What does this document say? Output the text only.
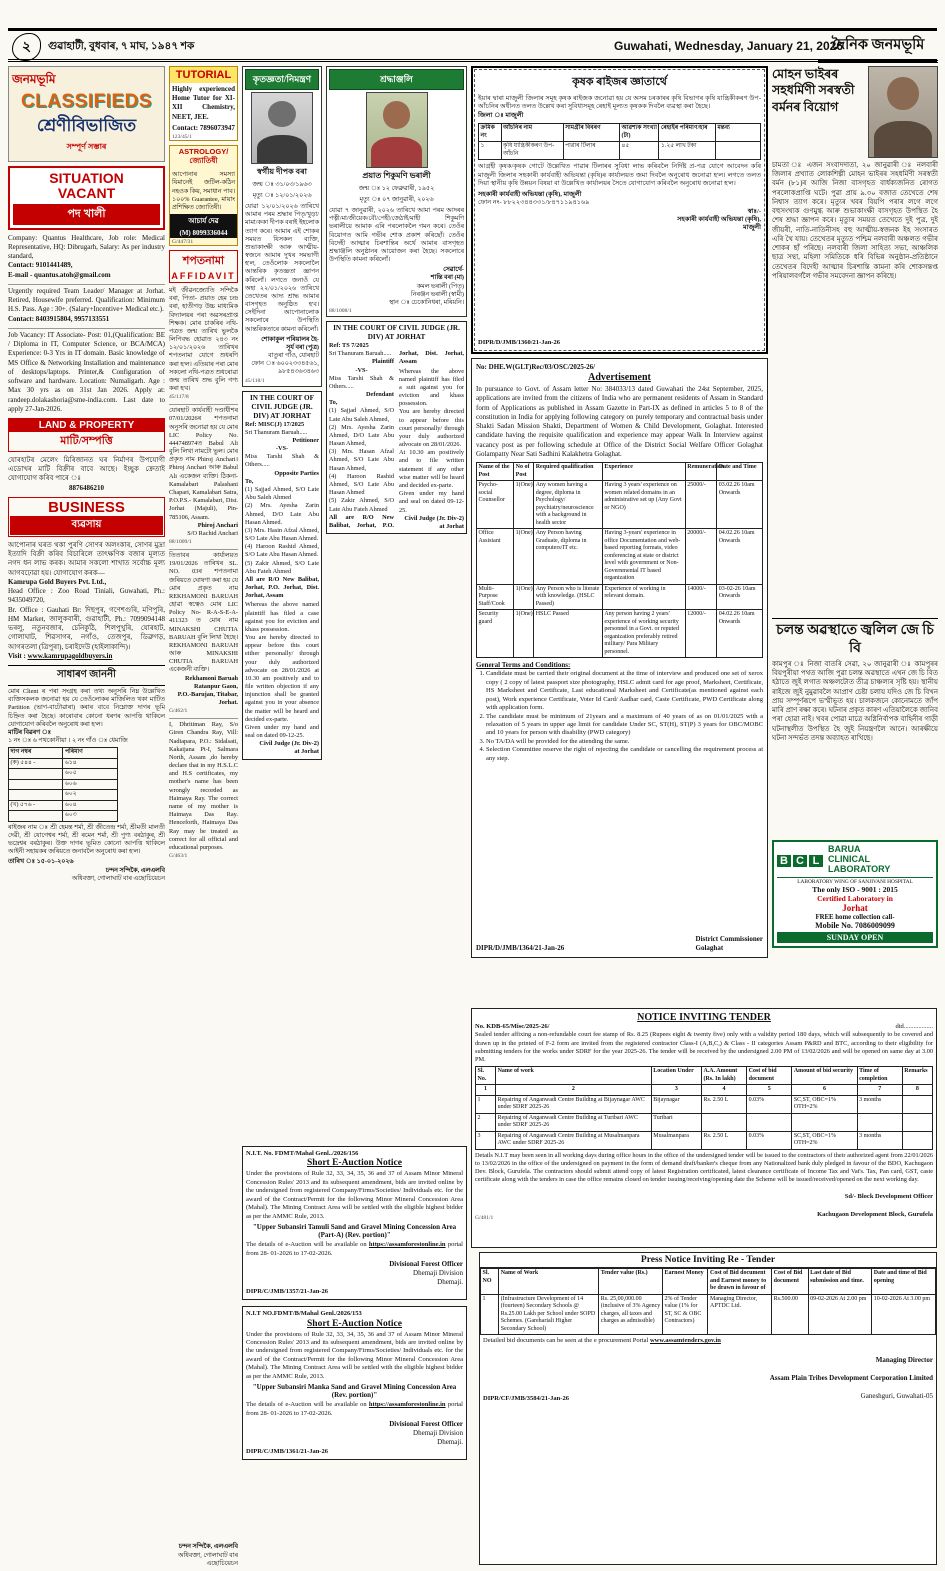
২	গুৱাহাটী, বুধবাৰ, ৭ মাঘ, ১৯৪৭ শক	Guwahati, Wednesday, January 21, 2026
দৈনিক জনমভূমি
জনমভূমি
CLASSIFIEDS
শ্ৰেণীবিভাজিত
সম্পূৰ্ণ সম্ভাৰ
SITUATION
VACANT
পদ খালী
Company: Quantus Healthcare, Job role: Medical Representative, HQ: Dibrugarh, Salary: As per industry standard,
Contact: 9101441489,
E-mail - quantus.atoh@gmail.com
Urgently required Team Leader/ Manager at Jorhat. Retired, Housewife preferred. Qualification: Minimum H.S. Pass. Age : 30+. (Salary+Incentive+ Medical etc.).
Contact: 8403915804, 9957133551
Job Vacancy: IT Associate- Post: 01,(Qualification: BE / Diploma in IT, Computer Science, or BCA/MCA) Experience: 0-3 Yrs in IT domain. Basic knowledge of MS Office & Networking Installation and maintenance of desktops/laptops. Printer,& Configuration of software and hardware. Location: Numaligarh. Age : Max 30 yrs as on 31st Jan 2026. Apply at: randeep.dolakashoria@sme-india.com. Last date to apply 27-Jan-2026.
LAND & PROPERTY
মাটি/সম্পত্তি
যোৰহাটৰ মেলেং মিৰিজানত ঘৰ নিৰ্মাণৰ উপযোগী এডোখৰ মাটি বিক্ৰীৰ বাবে আছে। ইচ্ছুক ক্ৰেতাই যোগাযোগ কৰিব পাৰে ঃ
8876486210
BUSINESS
ব্যৱসায়
আপোনাৰ ঘৰত থকা পুৰণি সোণৰ অলংকাৰ, সোণৰ মুদ্ৰা ইত্যাদি বিক্ৰী কৰিব বিচাৰিলে তাৎক্ষণিক বজাৰ মূল্যত নগদ ধন লাভ কৰক। আমাৰ সকলো শাখাত সৰ্বোচ্চ মূল্য আগবঢ়োৱা হয়। যোগাযোগ কৰক—
Kamrupa Gold Buyers Pvt. Ltd.,
Head Office : Zoo Road Tiniali, Guwahati, Ph.: 9435049720,
Br. Office : Gauhati Br: দিছপুৰ, গণেশগুৰি, মণিপুৰি, HM Market, জালুকবাৰী, গুৱাহাটী, Ph.: 7099094148 ভৰলু, নতুনবজাৰ, চেনিকুঠি, শিলপুখুৰি, যোৰহাট, গোলাঘাট, শিৱসাগৰ, নগাঁও, তেজপুৰ, ডিব্ৰুগড়, আগৰতলা (ত্ৰিপুৰা), চৰাইদেউ (হাইলাকান্দি)।
Visit : www.kamrupagoldbuyers.in
সাধাৰণ জাননী
মোৰ Client ৰ পৰা সংগ্ৰহ কৰা তথ্য অনুসৰি নিম্ন উল্লেখিত ব্যক্তিসকলক জনোৱা হয় যে তেওঁলোকৰ মাজিলিত থকা মাটিত Partition (ভাগ-বাটোৱাৰা) কৰাৰ বাবে নিম্নোক্ত দাগৰ ভূমি চিহ্নিত কৰা হৈছে। কাৰোবাৰ কোনো ধৰণৰ আপত্তি থাকিলে যোগাযোগ কৰিবলৈ অনুৰোধ কৰা হ'ল।
মাটিৰ বিৱৰণ ঃ
১ নং ঃ ৬ পথকোনীয়া । ২ নং গাঁও ঃ ধেমাজি
দাগ নম্বৰ	পৰিমাণ
(ক) ৫৪৪ -	৬১৪
	৬০৫
	৬০৬
	৬০২
(খ) ৫৭৬ -	৬০৪
	৬০৩
ৰাইজৰ নাম ঃ শ্ৰী হেমন্ত শৰ্মা, শ্ৰী জীতেন্দ্ৰ শৰ্মা, শ্ৰীমতী মালতী দেৱী, শ্ৰী যোগেশ্বৰ শৰ্মা, শ্ৰী ৰমেন শৰ্মা, শ্ৰী পুণ্য বৰঠাকুৰ, শ্ৰী ভদ্ৰেশ্বৰ বৰঠাকুৰ। উক্ত দাগৰ ভূমিত কোনো আপত্তি থাকিলে আইনী সহায়কৰ জৰিয়তে জনাবলৈ অনুৰোধ কৰা হ'ল।
তাৰিখ ঃ ১৫-০১-২০২৬
চন্দন সন্দিকৈ, এলএলবি
অধিবক্তা, গোলাঘাট বাৰ এছোচিয়েচন
TUTORIAL
Highly experienced Home Tutor for XI-XII Chemistry, NEET, JEE.
Contact: 7896073947
123/45/1
ASTROLOGY/জ্যোতিষী
আপোনাৰ সমস্যা যিমানেই জটিল-কঠিন নহওক কিয়, সমাধান পাব। ১০০% Guarantee, মায়াং প্ৰশিক্ষিত জ্যোতিষী।
আচাৰ্য দেৱ
(M) 8099336044
G/447/31
শপতনামা
AFFIDAVIT
মই জীৱনজ্যোতি সন্দিকৈ বৰা, পিতা- প্ৰয়াত হেম চন্দ্ৰ বৰা, হাতীগড় উচ্চ মাধ্যমিক বিদ্যালয়ৰ পৰা অৱসৰপ্ৰাপ্ত শিক্ষক। মোৰ চাকৰিৰ নথি-পত্ৰত জন্ম তাৰিখ ভুলকৈ লিপিবদ্ধ হোৱাত ২৪৩ নং ১২/০১/২০২৬ তাৰিখৰ শপতনামা যোগে শুধৰণি কৰা হ'ল। এতিয়াৰ পৰা মোৰ সকলো নথি-পত্ৰত শুধৰোৱা জন্ম তাৰিখ শুদ্ধ বুলি গণ্য কৰা হ'ব।
45/117/8
যোৰহাট কাৰ্যবাহী দণ্ডাধীশৰ 07/01/2026ৰ শপতনামা অনুসৰি জনোৱা হয় যে মোৰ LIC Policy No. 444748974ত Babul Ali বুলি লিখা নামটো ভুল। মোৰ প্ৰকৃত নাম Phiroj Anchari। Phiroj Anchari আৰু Babul Ali একেজন ব্যক্তি। ঠিকনা- Kamalabari Palashani Chapari, Kamalabari Satra, P.O.P.S.- Kamalabari, Dist. Jorhat (Majuli), Pin-785106, Assam.
Phiroj Anchari
S/O Rachid Anchari
88/1009/1
তিতাবৰ কাৰ্যালয়ত 19/01/2026 তাৰিখৰ SL. NO. 03ৰ শপতনামা জৰিয়তে ঘোষণা কৰা হয় যে মোৰ প্ৰকৃত নাম REKHAMONI BARUAH হোৱা স্বত্বেও মোৰ LIC Policy No- R-A-S-E-A-411323 ত মোৰ নাম MINAKSHI CHUTIA BARUAH বুলি লিখা হৈছে। REKHAMONI BARUAH আৰু MINAKSHI CHUTIA BARUAH একেজনী ব্যক্তি।
Rekhamoni Baruah
Ratanpur Gaon,
P.O.-Barujan, Titabar,
Jorhat.
G/462/1
I, Dhritiman Ray, S/o Giren Chandra Ray, Vill: Nadiapara, P.O.: Sidalsati, Kakaijana Pt-I, Salmara North, Assam ,do hereby declare that in my H.S.L.C and H.S certificates, my mother's name has been wrongly recorded as Haimaya Ray. The correct name of my mother is Haimaya Das Ray. Henceforth, Haimaya Das Ray may be treated as correct for all official and educational purposes.
G/463/1
চন্দন সন্দিকৈ, এলএলবি
অধিবক্তা, গোলাঘাট বাৰ এছোচিয়েচন
কৃতজ্ঞতা/নিমন্ত্ৰণ
স্বৰ্গীয় দীপক বৰা
জন্ম ঃ ৩১/০৩/১৯৬৩
মৃত্যু ঃ ১২/০১/২০২৬
যোৱা ১২/০১/২০২৬ তাৰিখে আমাৰ পৰম শ্ৰদ্ধাৰ পিতৃ/খুড়া/মামা/ককা দীপক বৰাই ইহলোক ত্যাগ কৰে। আমাৰ এই শোকৰ সময়ত যিসকল ব্যক্তি, শুভাকাংক্ষী আৰু আত্মীয়-স্বজনে আমাৰ দুখৰ সমভাগী হ'ল, তেওঁলোক সকলোলৈ আন্তৰিক কৃতজ্ঞতা জ্ঞাপন কৰিলোঁ। লগতে জনাওঁ যে অহা ২২/০১/২০২৬ তাৰিখে তেখেতৰ আদ্য শ্ৰাদ্ধ আমাৰ বাসগৃহত অনুষ্ঠিত হ'ব। সেইদিনা আপোনালোক সকলোৰে উপস্থিতি আন্তৰিকতাৰে কামনা কৰিলোঁ।
শোকাকুল পৰিয়ালৰ হৈ-
সূৰ্য বৰা (পুত্ৰ)
বাতুৰা গাঁও, যোৰহাট
ফোন ঃ ৬০০২৩৩৪৫৬১, ৯৮৫৪৩৬৩৪৬৩
45/118/1
IN THE COURT OF CIVIL JUDGE (JR. DIV) AT JORHAT
Ref: MISC(J) 17/2025
Sri Thanuram Baruah.....
Petitioner
-VS-
Miss Tarshi Shah & Others.....
Opposite Parties
To,
(1) Sajjad Ahmed, S/O Late Abu Saleh Ahmed
(2) Mrs. Ayesha Zarin Ahmed, D/O Late Abu Hasan Ahmed.
(3) Mrs. Hasin Afzal Ahmed, S/O Late Abu Hasan Ahmed.
(4) Haroon Rashid Ahmed, S/O Late Abu Hasan Ahmed.
(5) Zakir Ahmed, S/O Late Abu Fateh Ahmed
All are R/O New Balibat, Jorhat, P.O. Jorhat, Dist. Jorhat, Assam
Whereas the above named plaintiff has filed a case against you for eviction and khass possession.
You are hereby directed to appear before this court either personally/ through your duly authorized advocate on 28/01/2026 at 10.30 am positively and to file written objection if any injunction shall be granted against you in your absence the matter will be heard and decided ex-parte.
Given under my hand and seal on dated 09-12-25.
Civil Judge (Jr. Div-2)
at Jorhat
শ্ৰদ্ধাঞ্জলি
প্ৰয়াত শিকুমণি ভৰালী
জন্ম ঃ ১২ ফেব্ৰুৱাৰী, ১৯৫২
মৃত্যু ঃ ০৭ জানুৱাৰী, ২০২৬
যোৱা ৭ জানুৱাৰী, ২০২৬ তাৰিখে আমা পৰম আদৰৰ পত্নী/মা/জীয়েক/বৌ/পেহী/জেঠাই/মাহী শিকুমণি ভৰালীয়ে আমাক এৰি পৰলোকলৈ গমন কৰে। তেওঁৰ বিয়োগত আমি গভীৰ শোক প্ৰকাশ কৰিছোঁ। তেওঁৰ বিদেহী আত্মাৰ চিৰশান্তিৰ অৰ্থে আমাৰ বাসগৃহত শ্ৰদ্ধাঞ্জলি অনুষ্ঠানৰ আয়োজন কৰা হৈছে। সকলোৰে উপস্থিতি কামনা কৰিলোঁ।
সেৱাৰ্থে-
শান্তি বৰা (মা)
কমল ভৰালী (পিতৃ)
নিৰঞ্জন ভৰালী (স্বামী)
স্থান ঃ চেকোনিধৰা, মৰিয়নি।
88/1008/1
IN THE COURT OF CIVIL JUDGE (JR. DIV) AT JORHAT
Ref: TS 7/2025
Sri Thanuram Baruah.....
Plaintiff
-VS-
Miss Tarshi Shah & Others.....
Defendant
To,
(1) Sajjad Ahmed, S/O Late Abu Saleh Ahmed,
(2) Mrs. Ayesha Zarin Ahmed, D/O Late Abu Hasan Ahmed,
(3) Mrs. Hasan Afzal Ahmed, S/O Late Abu Hasan Ahmed,
(4) Haroon Rashid Ahmed, S/O Late Abu Hasan Ahmed
(5) Zakir Ahmed, S/O Late Abu Fateh Ahmed
All are R/O New Balibat, Jorhat, P.O. Jorhat, Dist. Jorhat, Assam
Whereas the above named plaintiff has filed a suit against you for eviction and khass possession.
You are hereby directed to appear before this court personally/ through your duly authorized advocate on 28/01/2026.
At 10.30 am positively and to file written statement if any other wise matter will be heard and decided ex-parte.
Given under my hand and seal on dated 09-12-25.
Civil Judge (Jr. Div-2)
at Jorhat
কৃষক ৰাইজৰ জ্ঞাতাৰ্থে
ইয়াৰ দ্বাৰা মাজুলী জিলাৰ সমূহ কৃষক ৰাইজক জনোৱা হয় যে অসম চৰকাৰৰ কৃষি বিভাগৰ কৃষি যান্ত্ৰিকীকৰণ উপ-আঁচনিৰ অধীনত তলত উল্লেখ কৰা সুবিধাসমূহ ৰেহাই মূল্যত কৃষকক দিবলৈ ব্যৱস্থা কৰা হৈছে।
জিলা ঃ মাজুলী
ক্ৰমিক নং	আঁচনিৰ নাম	সামগ্ৰীৰ বিবৰণ	আৱশ্যক সংখ্যা (টা)	ৰেহাইৰ পৰিমাণ/হাৰ	মন্তব্য
১	কৃষি যান্ত্ৰিকীকৰণ উপ-আঁচনি	পাৱাৰ টিলাৰ	৪৫	১.২৫ লাখ টকা	
আগ্ৰহী কৃষক/কৃষক গোটে উল্লেখিত পাৱাৰ টিলাৰৰ সুবিধা লাভ কৰিবলৈ নিৰ্দিষ্ট প্ৰ-পত্ৰ যোগে আবেদন কৰি মাজুলী জিলাৰ সহকাৰী কাৰ্যবাহী অভিযন্তা (কৃষি)ৰ কাৰ্যালয়ত জমা দিবলৈ অনুৰোধ জনোৱা হ'ল। লগতে তলত দিয়া স্থানীয় কৃষি উন্নয়ন বিষয়া বা উল্লেখিত কাৰ্যালয়ৰ সৈতে যোগাযোগ কৰিবলৈ অনুৰোধ জনোৱা হ'ল।
সহকাৰী কাৰ্যবাহী অভিযন্তা (কৃষি), মাজুলী
ফোন নং- ৮৮২২৩৪৪৩৩১/৮৪৭১১৯৪১৬৯
স্বাঃ/-
সহকাৰী কাৰ্যবাহী অভিযন্তা (কৃষি),
মাজুলী
DIPR/D/JMB/1360/21-Jan-26
No: DHE.W(GLT)Rec/03/OSC/2025-26/
Advertisement
In pursuance to Govt. of Assam letter No: 384033/13 dated Guwahati the 24st September, 2025, applications are invited from the citizens of India who are permanent residents of Assam in Standard form of Applications as published in Assam Gazette in Part-IX as defined in articles 5 to 8 of the constitution in India for applying following category on purely temporary and contractual basis under Shakti Sadan Mission Shakti, Department of Women & Child Development, Golaghat. Interested candidate having the requisite qualification and experience may appear Walk In Interview against vacancy post as per following schedule at Office of the District Social Welfare Officer Golaghat Golampatty Near Sati Sadhini Kalakhetra Golaghat.
Name of the Post	No of Post	Required qualification	Experience	Remuneration	Date and Time
Psycho-social Counsellor	1(One)	Any women having a degree, diploma in Psychology/ psychiatry/neuroscience with a background in health sector	Having 3 years' experience on women related domains in an administrative set up (Any Govt or NGO)	25000/-	03.02.26 10am Onwards
Office Assistant	1(One)	Any Person having Graduate, diploma in computers/IT etc.	Having 3-years' experience in office Documentation and web-based reporting formats, video conferencing at state or district level with government or Non-Governmental IT based organization	20000/-	04.02.26 10am Onwards
Multi-Purpose Staff/Cook	1(One)	Any Person who is literate with knowledge. (HSLC Passed)	Experience of working in relevant domain.	14000/-	03-02-26 10am Onwards
Security guard	1(One)	HSLC Passed	Any person having 2 years' experience of working security personnel in a Govt. or reputed organization preferably retired military/ Para Military personnel.	12000/-	04.02.26 10am Onwards
General Terms and Conditions:
1. Candidate must be carried their original document at the time of interview and produced one set of xerox copy ( 2 copy of latest passport size photography, HSLC admit card for age proof, Marksheet, Certificate, HS Marksheet and Certificate, Last educational Marksheet and Certificate(as mentioned against each post), Work experience Certificate, Voter Id Card/ Aadhar card, Caste Certificate, PWD Certificate along with application form.
2. The candidate must be minimum of 21years and a maximum of 40 years of as on 01/01/2025 with a relaxation of 5 years in upper age limit for candidate Under SC, ST(H), ST(P) 3 years for OBC/MOBC and 10 years for person with disability (PWD category)
3. No TA/DA will be provided for the attending the same.
4. Selection Committee reserve the right of rejecting the candidate or cancelling the requirement process at any step.
DIPR/D/JMB/1364/21-Jan-26
District Commissioner
Golaghat
মোহন ভাইৰৰ সহধৰ্মিণী সৰস্বতী বৰ্মনৰ বিয়োগ
চামতা ঃ এজন সংবাদদাতা, ২০ জানুৱাৰী ঃ নলবাৰী জিলাৰ প্ৰখ্যাত লোকশিল্পী মোহন ভাইৰৰ সহধৰ্মিণী সৰস্বতী বৰ্মন (৮১)ৰ আজি নিজা বাসগৃহত বাৰ্ধক্যজনিত ৰোগত পৰলোকপ্ৰাপ্তি ঘটে। পুৱা প্ৰায় ৯.৩০ বজাত তেখেতে শেষ নিশ্বাস ত্যাগ কৰে। মৃত্যুৰ খবৰ বিয়পি পৰাৰ লগে লগে বহুসংখ্যক গুণমুগ্ধ আৰু শুভাকাংক্ষী বাসগৃহত উপস্থিত হৈ শেষ শ্ৰদ্ধা জ্ঞাপন কৰে। মৃত্যুৰ সময়ত তেখেতে দুই পুত্ৰ, দুই জীয়ৰী, নাতি-নাতিনীসহ বহু আত্মীয়-স্বজনক ইহ সংসাৰত এৰি থৈ যায়। তেখেতৰ মৃত্যুত পশ্চিম নলবাৰী অঞ্চলত গভীৰ শোকৰ ছাঁ পৰিছে। নলবাৰী জিলা সাহিত্য সভা, আঞ্চলিক ছাত্ৰ সন্থা, মহিলা সমিতিকে ধৰি বিভিন্ন অনুষ্ঠান-প্ৰতিষ্ঠানে তেখেতৰ বিদেহী আত্মাৰ চিৰশান্তি কামনা কৰি শোকসন্তপ্ত পৰিয়ালবৰ্গলৈ গভীৰ সমবেদনা জ্ঞাপন কৰিছে।
চলন্ত অৱস্থাতে জ্বলিল জে চি বি
কামপুৰ ঃ নিজা বাতৰি সেৱা, ২০ জানুৱাৰী ঃ কামপুৰৰ বিয়পুৰীয়া পথত আজি পুৱা চলন্ত অৱস্থাতে এখন জে চি বিত হঠাতে জুই লগাত অঞ্চলটোত তীব্ৰ চাঞ্চল্যৰ সৃষ্টি হয়। স্থানীয় ৰাইজে জুই নুমুৱাবলৈ আপ্ৰাণ চেষ্টা চলায় যদিও জে চি বিখন প্ৰায় সম্পূৰ্ণৰূপে ভস্মীভূত হয়। চালকজনে কোনোমতে জাঁপ মাৰি প্ৰাণ ৰক্ষা কৰে। ঘটনাৰ প্ৰকৃত কাৰণ এতিয়ালৈকে জানিব পৰা হোৱা নাই। খবৰ পোৱা মাত্ৰে অগ্নিনিৰ্বাপক বাহিনীৰ গাড়ী ঘটনাস্থলীত উপস্থিত হৈ জুই নিয়ন্ত্ৰণলৈ আনে। আৰক্ষীয়ে ঘটনা সন্দৰ্ভত তদন্ত অব্যাহত ৰাখিছে।
B C L
BARUA
CLINICAL
LABORATORY
LABORATORY WING OF SANJIVANI HOSPITAL
The only ISO - 9001 : 2015
Certified Laboratory in
Jorhat
FREE home collection call-
Mobile No. 7086009099
SUNDAY OPEN
N.I.T. No. FDMT/Mahal Genl../2026/156
Short E-Auction Notice
Under the provisions of Rule 32, 33, 34, 35, 36 and 37 of Assam Minor Mineral Concession Rules' 2013 and its subsequent amendment, bids are invited online by the undersigned from registered Company/Firms/Societies/ Individuals etc. for the award of the Contract/Permit for the following Minor Mineral Concession Area (Mahal). The Mining Contract Area will be settled with the eligible highest bidder as per the AMMC Rule, 2013.
"Upper Subansiri Tamuli Sand and Gravel Mining Concession Area (Part-A) (Rev. portion)"
The details of e-Auction will be available on https://assamforestonline.in portal from 28- 01-2026 to 17-02-2026.
Divisional Forest Officer
Dhemaji Division
Dhemaji.
DIPR/C/JMB/1357/21-Jan-26
N.I.T NO.FDMT/B/Mahal Genl./2026/153
Short E-Auction Notice
Under the provisions of Rule 32, 33, 34, 35, 36 and 37 of Assam Minor Mineral Concession Rules' 2013 and its subsequent amendment, bids are invited online by the undersigned from registered Company/Firms/Societies/ Individuals etc. for the award of the Contract/Permit for the following Minor Mineral Concession Area (Mahal). The Mining Contract Area will be settled with the eligible highest bidder as per the AMMC Rule, 2013.
"Upper Subansiri Manka Sand and Gravel Mining Concession Area (Rev. portion)"
The details of e-Auction will be available on https://assamforestonline.in portal from 28- 01-2026 to 17-02-2026.
Divisional Forest Officer
Dhemaji Division
Dhemaji.
DIPR/C/JMB/1361/21-Jan-26
NOTICE INVITING TENDER
No. KDB-65/Misc/2025-26/	dtd..................
Sealed tender affixing a non-refundable court fee stamp of Rs. 8.25 (Rupees eight & twenty five) only with a validity period 180 days, which will subsequently to be covered and drawn up in the printed of F-2 form are invited from the registered contractor Class-I (A,B,C,) & Class - II categories Assam P&RD and BTC, according to their eligibility for submitting tenders for the works under SDRF for the year 2025-26. The tender will be received by the undersigned 2.00 PM of 13/02/2026 and will be opened on same day at 3.00 PM.
Sl. No.	Name of work	Location Under	A.A. Amount (Rs. In lakh)	Cost of bid document	Amount of bid security	Time of completion	Remarks
1	2	3	4	5	6	7	8
1	Repairing of Anganwadi Centre Building at Bijaynagar AWC under SDRF 2025-26	Bijaynagar	Rs. 2.50 L	0.03%	SC,ST, OBC=1% OTH=2%	3 months	
2	Repairing of Anganwadi Centre Building at Turibari AWC under SDRF 2025-26	Turibari					
3	Repairing of Anganwadi Centre Building at Musalmanpara AWC under SDRF 2025-26	Musalmanpara	Rs. 2.50 L	0.03%	SC,ST, OBC=1% OTH=2%	3 months	
Details N.I.T may been seen in all working days during office hours in the office of the undersigned tender will be issued to the contractors of their authorized agent from 22/01/2026 to 13/02/2026 in the office of the undersigned on payment in the form of demand draft/banker's cheque from any Nationalized bank duly pledged in favour of the BDO, Kachugaon Dev. Block, Gurufela. The contractors should submit attend copy of latest Registration certificated, latest clearance certificate of Income Tax and Vat's. Tax, Pan card, GST, caste certificate along with the tenders in case the office remains closed on tender issuing/receiving/opening date the Scheme will be issued/received/opened on the next working day.
G/481/1
Sd/- Block Development Officer
Kachugaon Development Block, Gurufela
Press Notice Inviting Re - Tender
Sl. NO	Name of Work	Tender value (Rs.)	Earnest Money	Cost of Bid document and Earnest money to be drawn in favour of	Cost of Bid document	Last date of Bid submission and time.	Date and time of Bid opening
1	(Infrastructure Development of 14 (fourteen) Secondary Schools @ Rs.25.00 Lakh per School under SOPD Schemes. (Garehariali Higher Secondary School)	Rs. 25,00,000.00 (inclusive of 3% Agency charges, all taxes and charges as admissible)	2% of Tender value (1% for ST, SC & OBC Contractors)	Managing Director, APTDC Ltd.	Rs.500.00	09-02-2026 At 2.00 pm	10-02-2026 At 3.00 pm
Detailed bid documents can be seen at the e procurement Portal www.assamtenders.gov.in
DIPR/CF/JMB/3584/21-Jan-26
Managing Director
Assam Plain Tribes Development Corporation Limited
Ganeshguri, Guwahati-05
